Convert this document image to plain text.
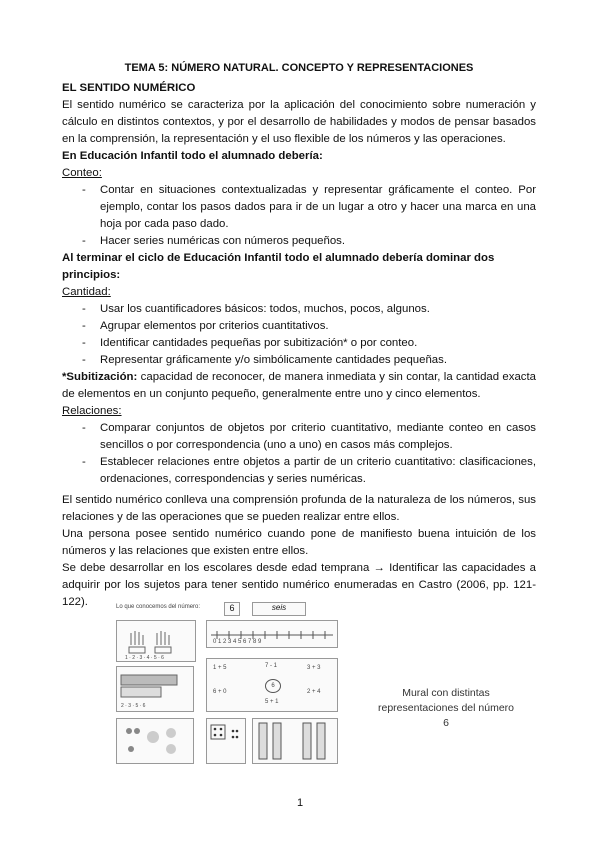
TEMA 5: NÚMERO NATURAL. CONCEPTO Y REPRESENTACIONES
EL SENTIDO NUMÉRICO

El sentido numérico se caracteriza por la aplicación del conocimiento sobre numeración y cálculo en distintos contextos, y por el desarrollo de habilidades y modos de pensar basados en la comprensión, la representación y el uso flexible de los números y las operaciones.

En Educación Infantil todo el alumnado debería:
Conteo:
- Contar en situaciones contextualizadas y representar gráficamente el conteo. Por ejemplo, contar los pasos dados para ir de un lugar a otro y hacer una marca en una hoja por cada paso dado.
- Hacer series numéricas con números pequeños.
Al terminar el ciclo de Educación Infantil todo el alumnado debería dominar dos principios:
Cantidad:
- Usar los cuantificadores básicos: todos, muchos, pocos, algunos.
- Agrupar elementos por criterios cuantitativos.
- Identificar cantidades pequeñas por subitización* o por conteo.
- Representar gráficamente y/o simbólicamente cantidades pequeñas.

*Subitización: capacidad de reconocer, de manera inmediata y sin contar, la cantidad exacta de elementos en un conjunto pequeño, generalmente entre uno y cinco elementos.

Relaciones:
- Comparar conjuntos de objetos por criterio cuantitativo, mediante conteo en casos sencillos o por correspondencia (uno a uno) en casos más complejos.
- Establecer relaciones entre objetos a partir de un criterio cuantitativo: clasificaciones, ordenaciones, correspondencias y series numéricas.

El sentido numérico conlleva una comprensión profunda de la naturaleza de los números, sus relaciones y de las operaciones que se pueden realizar entre ellos.

Una persona posee sentido numérico cuando pone de manifiesto buena intuición de los números y las relaciones que existen entre ellos.

Se debe desarrollar en los escolares desde edad temprana → Identificar las capacidades a adquirir por los sujetos para tener sentido numérico enumeradas en Castro (2006, pp. 121-122).	Lo que conocemos del número:	6	seis
1 · 2 · 3 · 4 · 5 · 6
0 1 2 3 4 5 6 7 8 9
2 · 3 · 5 · 6
6
1 + 5
6 + 0
7 - 1	3 + 3
2 + 4
5 + 1
Mural con distintas representaciones del número 6
1
